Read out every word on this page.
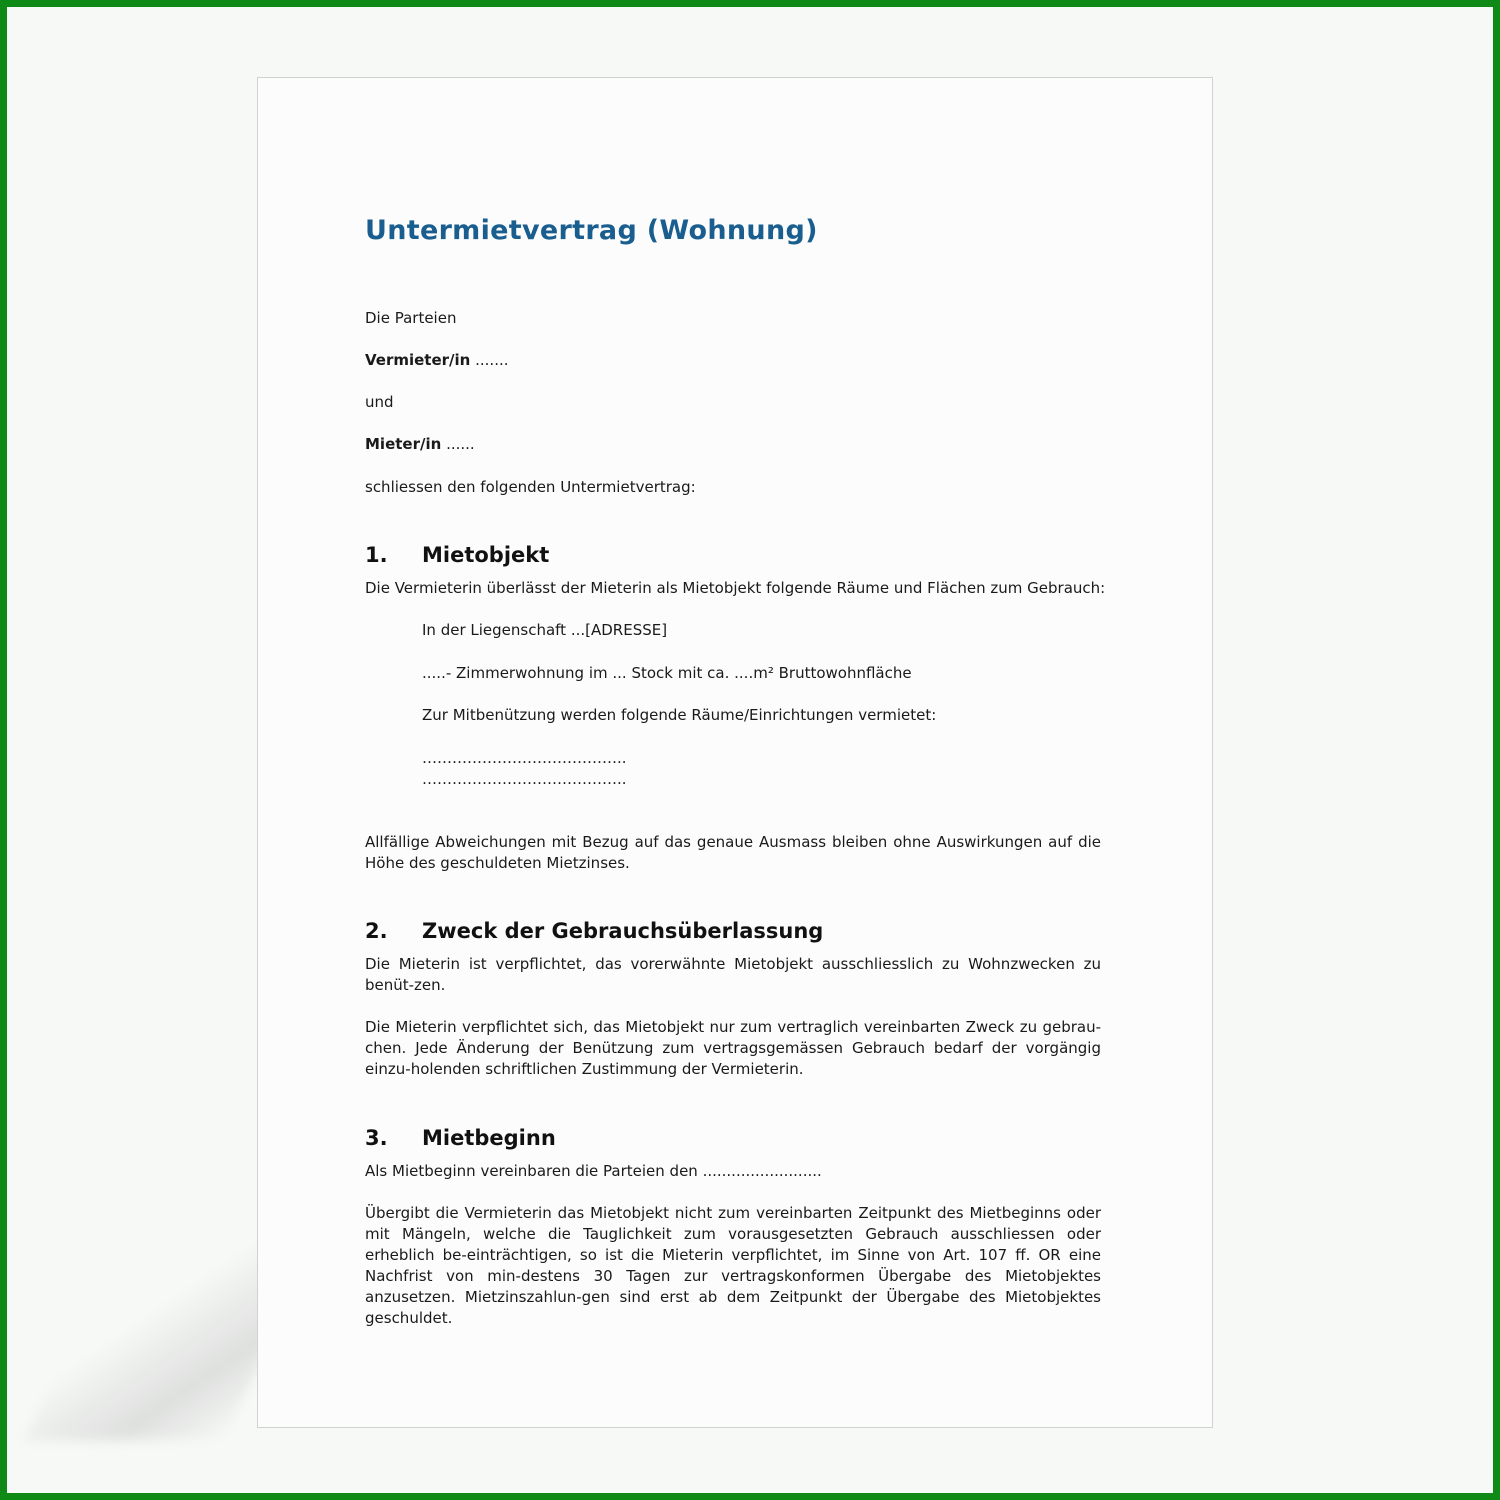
Untermietvertrag (Wohnung)

Die Parteien

Vermieter/in .......

und

Mieter/in ......

schliessen den folgenden Untermietvertrag:

1. Mietobjekt

Die Vermieterin überlässt der Mieterin als Mietobjekt folgende Räume und Flächen zum Gebrauch:

In der Liegenschaft ...[ADRESSE]

.....- Zimmerwohnung im ... Stock mit ca. ....m² Bruttowohnfläche

Zur Mitbenützung werden folgende Räume/Einrichtungen vermietet:

…………………………………..

…………………………………..

Allfällige Abweichungen mit Bezug auf das genaue Ausmass bleiben ohne Auswirkungen auf die Höhe des geschuldeten Mietzinses.

2. Zweck der Gebrauchsüberlassung

Die Mieterin ist verpflichtet, das vorerwähnte Mietobjekt ausschliesslich zu Wohnzwecken zu benüt-zen.

Die Mieterin verpflichtet sich, das Mietobjekt nur zum vertraglich vereinbarten Zweck zu gebrau-chen. Jede Änderung der Benützung zum vertragsgemässen Gebrauch bedarf der vorgängig einzu-holenden schriftlichen Zustimmung der Vermieterin.

3. Mietbeginn

Als Mietbeginn vereinbaren die Parteien den .........................

Übergibt die Vermieterin das Mietobjekt nicht zum vereinbarten Zeitpunkt des Mietbeginns oder mit Mängeln, welche die Tauglichkeit zum vorausgesetzten Gebrauch ausschliessen oder erheblich be-einträchtigen, so ist die Mieterin verpflichtet, im Sinne von Art. 107 ff. OR eine Nachfrist von min-destens 30 Tagen zur vertragskonformen Übergabe des Mietobjektes anzusetzen. Mietzinszahlun-gen sind erst ab dem Zeitpunkt der Übergabe des Mietobjektes geschuldet.
